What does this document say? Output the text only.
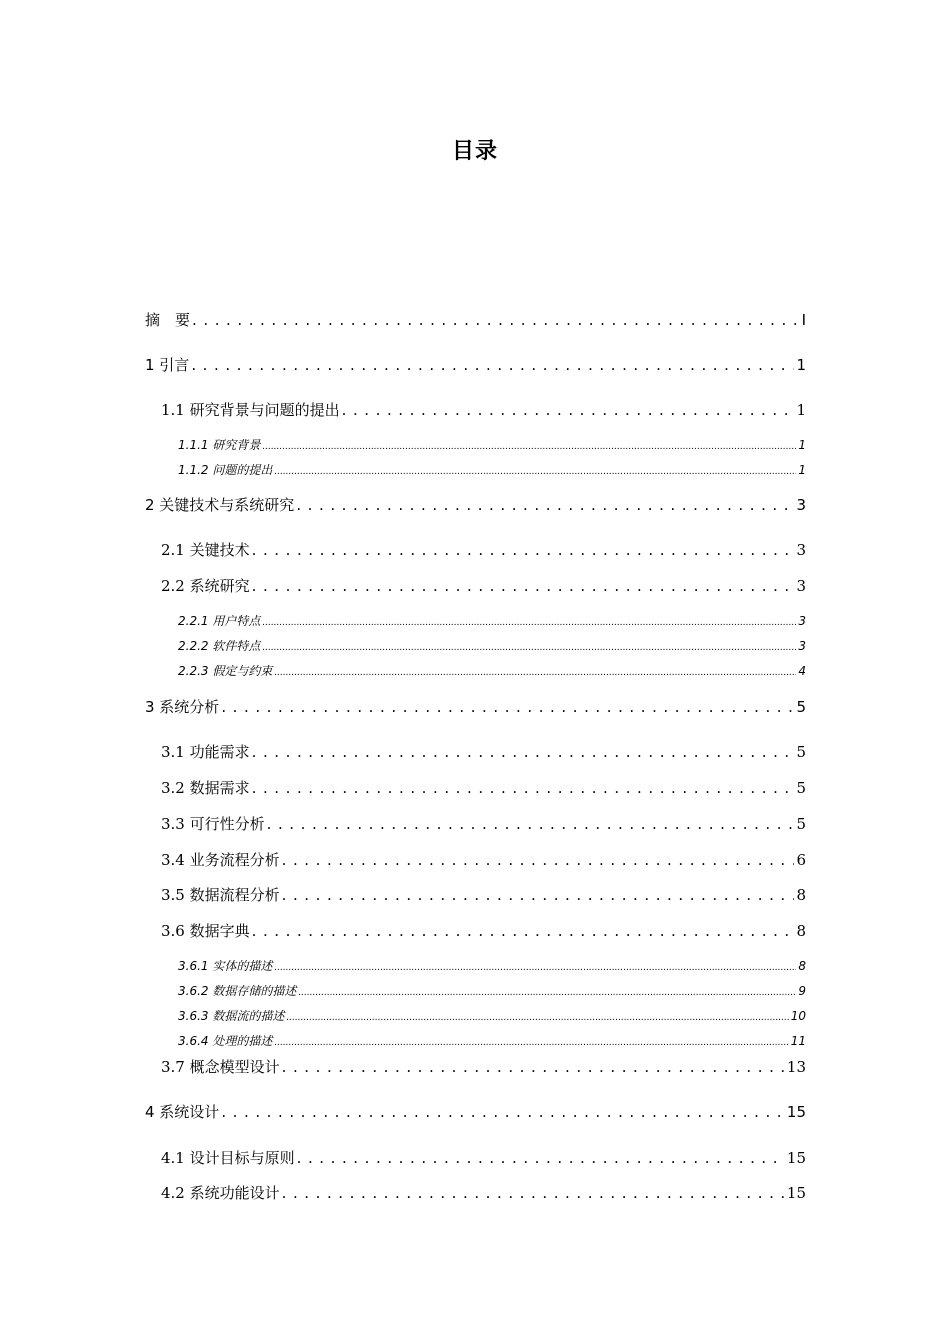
目录
摘　要 . . .	I
1 引言 . . .	1
1.1 研究背景与问题的提出 . . .	1
1.1.1 研究背景 .....	1
1.1.2 问题的提出 .....	1
2 关键技术与系统研究 . . .	3
2.1 关键技术 . . .	3
2.2 系统研究 . . .	3
2.2.1 用户特点 .....	3
2.2.2 软件特点 .....	3
2.2.3 假定与约束 .....	4
3 系统分析 . . .	5
3.1 功能需求 . . .	5
3.2 数据需求 . . .	5
3.3 可行性分析 . . .	5
3.4 业务流程分析 . . .	6
3.5 数据流程分析 . . .	8
3.6 数据字典 . . .	8
3.6.1 实体的描述 .....	8
3.6.2 数据存储的描述 .....	9
3.6.3 数据流的描述 .....	10
3.6.4 处理的描述 .....	11
3.7 概念模型设计 . . .	13
4 系统设计 . . .	15
4.1 设计目标与原则 . . .	15
4.2 系统功能设计 . . .	15
